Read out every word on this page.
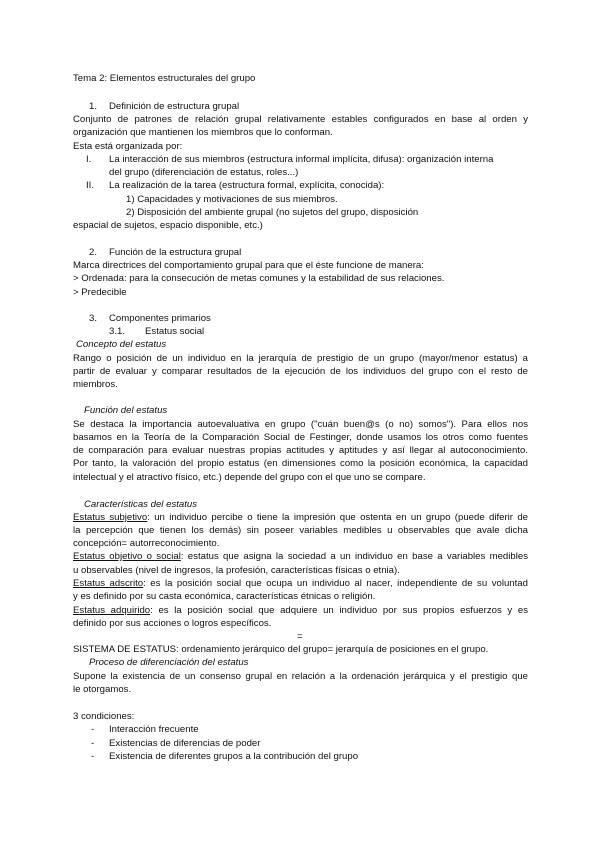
Tema 2: Elementos estructurales del grupo
1. Definición de estructura grupal
Conjunto de patrones de relación grupal relativamente estables configurados en base al orden y
organización que mantienen los miembros que lo conforman.
Esta está organizada por:
I. La interacción de sus miembros (estructura informal implícita, difusa): organización interna
del grupo (diferenciación de estatus, roles...)
II. La realización de la tarea (estructura formal, explícita, conocida):
1) Capacidades y motivaciones de sus miembros.
2) Disposición del ambiente grupal (no sujetos del grupo, disposición
espacial de sujetos, espacio disponible, etc.)
2. Función de la estructura grupal
Marca directrices del comportamiento grupal para que el éste funcione de manera:
> Ordenada: para la consecución de metas comunes y la estabilidad de sus relaciones.
> Predecible
3. Componentes primarios
3.1. Estatus social
Concepto del estatus
Rango o posición de un individuo en la jerarquía de prestigio de un grupo (mayor/menor estatus) a
partir de evaluar y comparar resultados de la ejecución de los individuos del grupo con el resto de
miembros.
Función del estatus
Se destaca la importancia autoevaluativa en grupo ("cuán buen@s (o no) somos"). Para ellos nos
basamos en la Teoría de la Comparación Social de Festinger, donde usamos los otros como fuentes
de comparación para evaluar nuestras propias actitudes y aptitudes y así llegar al autoconocimiento.
Por tanto, la valoración del propio estatus (en dimensiones como la posición económica, la capacidad
intelectual y el atractivo físico, etc.) depende del grupo con el que uno se compare.
Características del estatus
Estatus subjetivo: un individuo percibe o tiene la impresión que ostenta en un grupo (puede diferir de
la percepción que tienen los demás) sin poseer variables medibles u observables que avale dicha
concepción= autorreconocimiento.
Estatus objetivo o social: estatus que asigna la sociedad a un individuo en base a variables medibles
u observables (nivel de ingresos, la profesión, características físicas o etnia).
Estatus adscrito: es la posición social que ocupa un individuo al nacer, independiente de su voluntad
y es definido por su casta económica, características étnicas o religión.
Estatus adquirido: es la posición social que adquiere un individuo por sus propios esfuerzos y es
definido por sus acciones o logros específicos.
=
SISTEMA DE ESTATUS: ordenamiento jerárquico del grupo= jerarquía de posiciones en el grupo.
Proceso de diferenciación del estatus
Supone la existencia de un consenso grupal en relación a la ordenación jerárquica y el prestigio que
le otorgamos.
3 condiciones:
- Interacción frecuente
- Existencias de diferencias de poder
- Existencia de diferentes grupos a la contribución del grupo
